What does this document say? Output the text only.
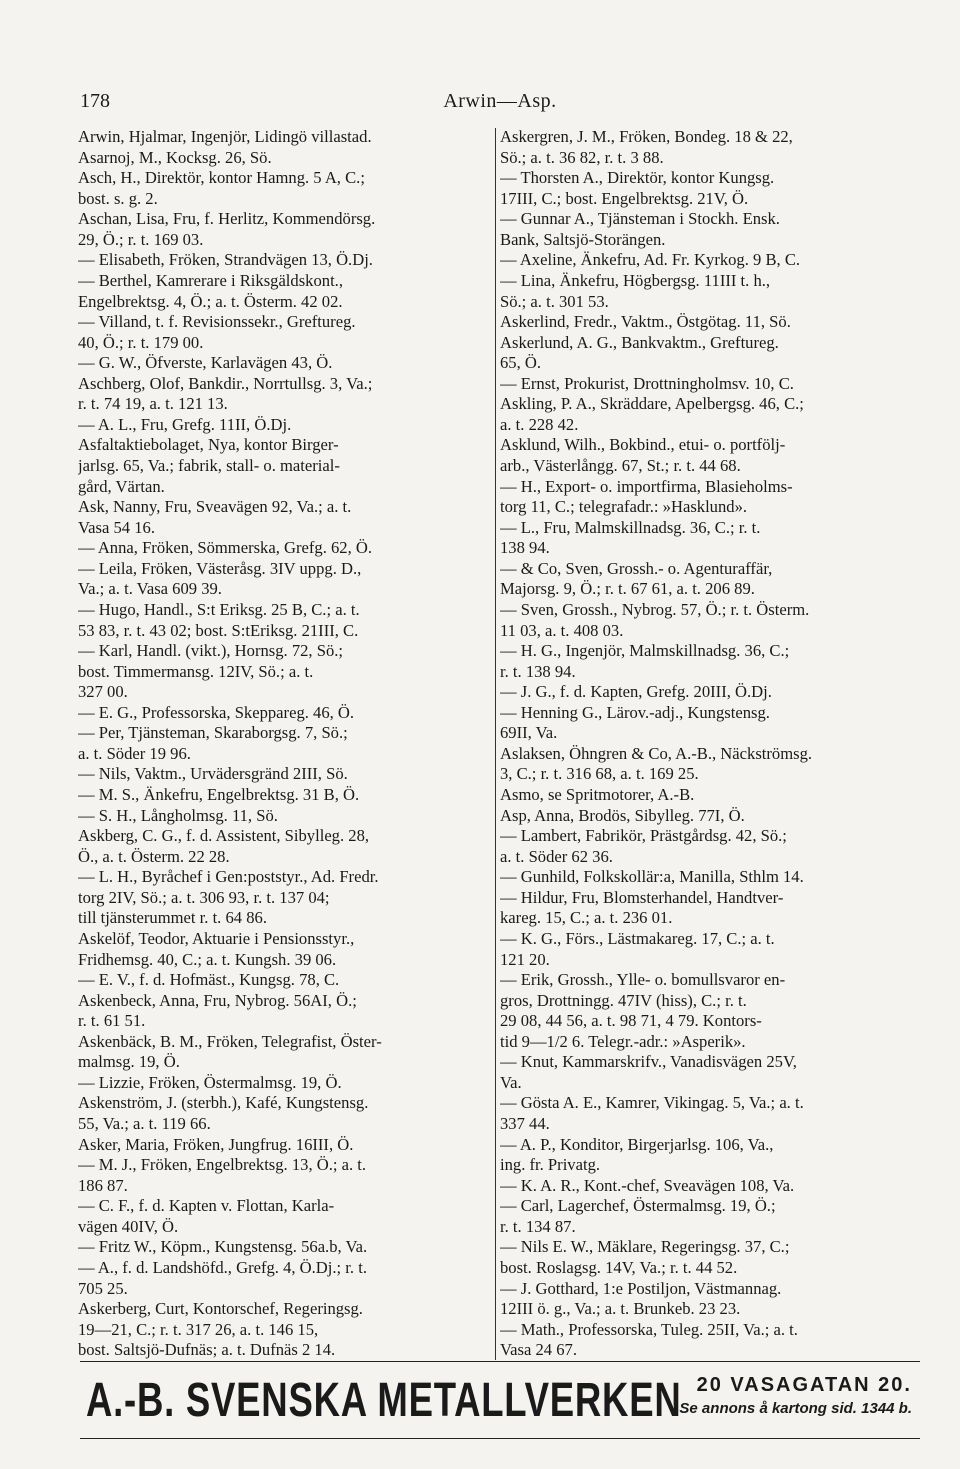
178	Arwin—Asp.
Arwin, Hjalmar, Ingenjör, Lidingö villastad.
Asarnoj, M., Kocksg. 26, Sö.
Asch, H., Direktör, kontor Hamng. 5 A, C.;
bost. s. g. 2.
Aschan, Lisa, Fru, f. Herlitz, Kommendörsg.
29, Ö.; r. t. 169 03.
— Elisabeth, Fröken, Strandvägen 13, Ö.Dj.
— Berthel, Kamrerare i Riksgäldskont.,
Engelbrektsg. 4, Ö.; a. t. Österm. 42 02.
— Villand, t. f. Revisionssekr., Greftureg.
40, Ö.; r. t. 179 00.
— G. W., Öfverste, Karlavägen 43, Ö.
Aschberg, Olof, Bankdir., Norrtullsg. 3, Va.;
r. t. 74 19, a. t. 121 13.
— A. L., Fru, Grefg. 11II, Ö.Dj.
Asfaltaktiebolaget, Nya, kontor Birger-
jarlsg. 65, Va.; fabrik, stall- o. material-
gård, Värtan.
Ask, Nanny, Fru, Sveavägen 92, Va.; a. t.
Vasa 54 16.
— Anna, Fröken, Sömmerska, Grefg. 62, Ö.
— Leila, Fröken, Västeråsg. 3IV uppg. D.,
Va.; a. t. Vasa 609 39.
— Hugo, Handl., S:t Eriksg. 25 B, C.; a. t.
53 83, r. t. 43 02; bost. S:tEriksg. 21III, C.
— Karl, Handl. (vikt.), Hornsg. 72, Sö.;
bost. Timmermansg. 12IV, Sö.; a. t.
327 00.
— E. G., Professorska, Skeppareg. 46, Ö.
— Per, Tjänsteman, Skaraborgsg. 7, Sö.;
a. t. Söder 19 96.
— Nils, Vaktm., Urvädersgränd 2III, Sö.
— M. S., Änkefru, Engelbrektsg. 31 B, Ö.
— S. H., Långholmsg. 11, Sö.
Askberg, C. G., f. d. Assistent, Sibylleg. 28,
Ö., a. t. Österm. 22 28.
— L. H., Byråchef i Gen:poststyr., Ad. Fredr.
torg 2IV, Sö.; a. t. 306 93, r. t. 137 04;
till tjänsterummet r. t. 64 86.
Askelöf, Teodor, Aktuarie i Pensionsstyr.,
Fridhemsg. 40, C.; a. t. Kungsh. 39 06.
— E. V., f. d. Hofmäst., Kungsg. 78, C.
Askenbeck, Anna, Fru, Nybrog. 56AI, Ö.;
r. t. 61 51.
Askenbäck, B. M., Fröken, Telegrafist, Öster-
malmsg. 19, Ö.
— Lizzie, Fröken, Östermalmsg. 19, Ö.
Askenström, J. (sterbh.), Kafé, Kungstensg.
55, Va.; a. t. 119 66.
Asker, Maria, Fröken, Jungfrug. 16III, Ö.
— M. J., Fröken, Engelbrektsg. 13, Ö.; a. t.
186 87.
— C. F., f. d. Kapten v. Flottan, Karla-
vägen 40IV, Ö.
— Fritz W., Köpm., Kungstensg. 56a.b, Va.
— A., f. d. Landshöfd., Grefg. 4, Ö.Dj.; r. t.
705 25.
Askerberg, Curt, Kontorschef, Regeringsg.
19—21, C.; r. t. 317 26, a. t. 146 15,
bost. Saltsjö-Dufnäs; a. t. Dufnäs 2 14.
Askergren, J. M., Fröken, Bondeg. 18 & 22,
Sö.; a. t. 36 82, r. t. 3 88.
— Thorsten A., Direktör, kontor Kungsg.
17III, C.; bost. Engelbrektsg. 21V, Ö.
— Gunnar A., Tjänsteman i Stockh. Ensk.
Bank, Saltsjö-Storängen.
— Axeline, Änkefru, Ad. Fr. Kyrkog. 9 B, C.
— Lina, Änkefru, Högbergsg. 11III t. h.,
Sö.; a. t. 301 53.
Askerlind, Fredr., Vaktm., Östgötag. 11, Sö.
Askerlund, A. G., Bankvaktm., Greftureg.
65, Ö.
— Ernst, Prokurist, Drottningholmsv. 10, C.
Askling, P. A., Skräddare, Apelbergsg. 46, C.;
a. t. 228 42.
Asklund, Wilh., Bokbind., etui- o. portfölj-
arb., Västerlångg. 67, St.; r. t. 44 68.
— H., Export- o. importfirma, Blasieholms-
torg 11, C.; telegrafadr.: »Hasklund».
— L., Fru, Malmskillnadsg. 36, C.; r. t.
138 94.
— & Co, Sven, Grossh.- o. Agenturaffär,
Majorsg. 9, Ö.; r. t. 67 61, a. t. 206 89.
— Sven, Grossh., Nybrog. 57, Ö.; r. t. Österm.
11 03, a. t. 408 03.
— H. G., Ingenjör, Malmskillnadsg. 36, C.;
r. t. 138 94.
— J. G., f. d. Kapten, Grefg. 20III, Ö.Dj.
— Henning G., Lärov.-adj., Kungstensg.
69II, Va.
Aslaksen, Öhngren & Co, A.-B., Näckströmsg.
3, C.; r. t. 316 68, a. t. 169 25.
Asmo, se Spritmotorer, A.-B.
Asp, Anna, Brodös, Sibylleg. 77I, Ö.
— Lambert, Fabrikör, Prästgårdsg. 42, Sö.;
a. t. Söder 62 36.
— Gunhild, Folkskollär:a, Manilla, Sthlm 14.
— Hildur, Fru, Blomsterhandel, Handtver-
kareg. 15, C.; a. t. 236 01.
— K. G., Förs., Lästmakareg. 17, C.; a. t.
121 20.
— Erik, Grossh., Ylle- o. bomullsvaror en-
gros, Drottningg. 47IV (hiss), C.; r. t.
29 08, 44 56, a. t. 98 71, 4 79. Kontors-
tid 9—1/2 6. Telegr.-adr.: »Asperik».
— Knut, Kammarskrifv., Vanadisvägen 25V,
Va.
— Gösta A. E., Kamrer, Vikingag. 5, Va.; a. t.
337 44.
— A. P., Konditor, Birgerjarlsg. 106, Va.,
ing. fr. Privatg.
— K. A. R., Kont.-chef, Sveavägen 108, Va.
— Carl, Lagerchef, Östermalmsg. 19, Ö.;
r. t. 134 87.
— Nils E. W., Mäklare, Regeringsg. 37, C.;
bost. Roslagsg. 14V, Va.; r. t. 44 52.
— J. Gotthard, 1:e Postiljon, Västmannag.
12III ö. g., Va.; a. t. Brunkeb. 23 23.
— Math., Professorska, Tuleg. 25II, Va.; a. t.
Vasa 24 67.
A.-B. SVENSKA METALLVERKEN 20 VASAGATAN 20.
Se annons å kartong sid. 1344 b.
